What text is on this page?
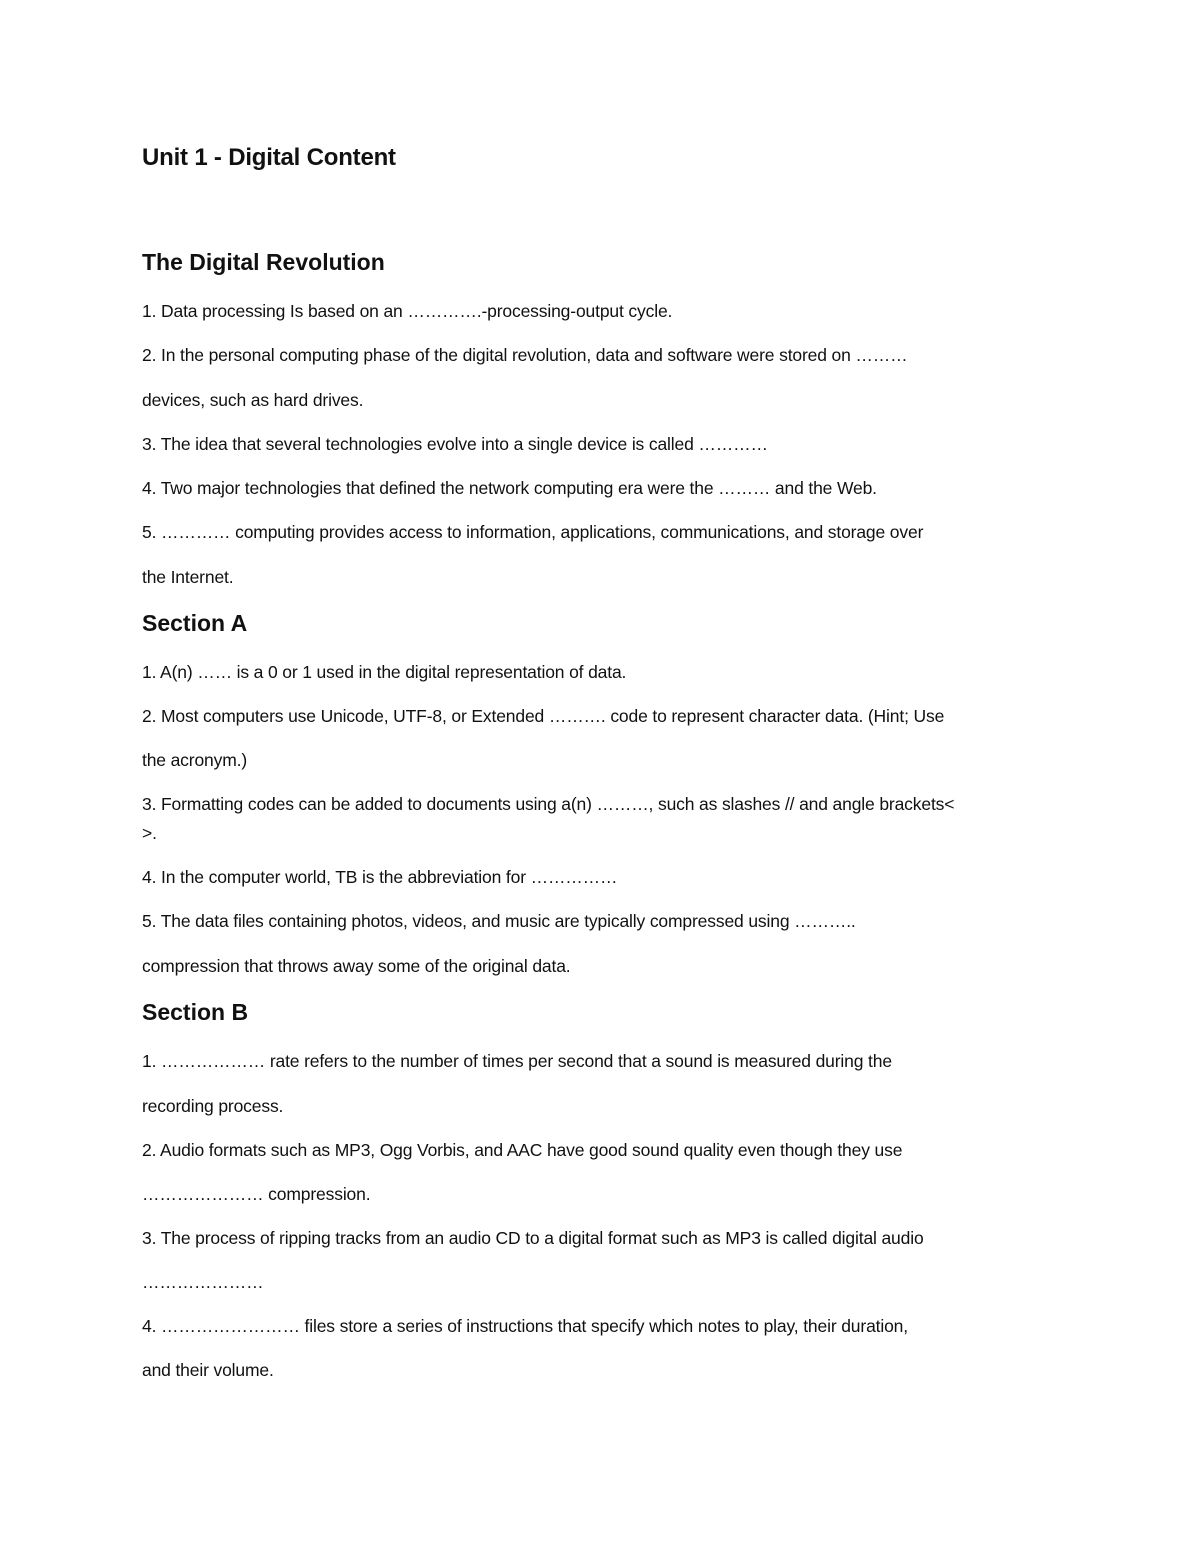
Unit 1 - Digital Content
The Digital Revolution
1. Data processing Is based on an ………….-processing-output cycle.
2. In the personal computing phase of the digital revolution, data and software were stored on ………
devices, such as hard drives.
3. The idea that several technologies evolve into a single device is called …………
4. Two major technologies that defined the network computing era were the ……… and the Web.
5. ………… computing provides access to information, applications, communications, and storage over
the Internet.
Section A
1. A(n) …… is a 0 or 1 used in the digital representation of data.
2. Most computers use Unicode, UTF-8, or Extended ………. code to represent character data. (Hint; Use
the acronym.)
3. Formatting codes can be added to documents using a(n) ………, such as slashes // and angle brackets<
>.
4. In the computer world, TB is the abbreviation for ……………
5. The data files containing photos, videos, and music are typically compressed using ………..
compression that throws away some of the original data.
Section B
1. ……………… rate refers to the number of times per second that a sound is measured during the
recording process.
2. Audio formats such as MP3, Ogg Vorbis, and AAC have good sound quality even though they use
………………… compression.
3. The process of ripping tracks from an audio CD to a digital format such as MP3 is called digital audio
…………………
4. …………………… files store a series of instructions that specify which notes to play, their duration,
and their volume.
